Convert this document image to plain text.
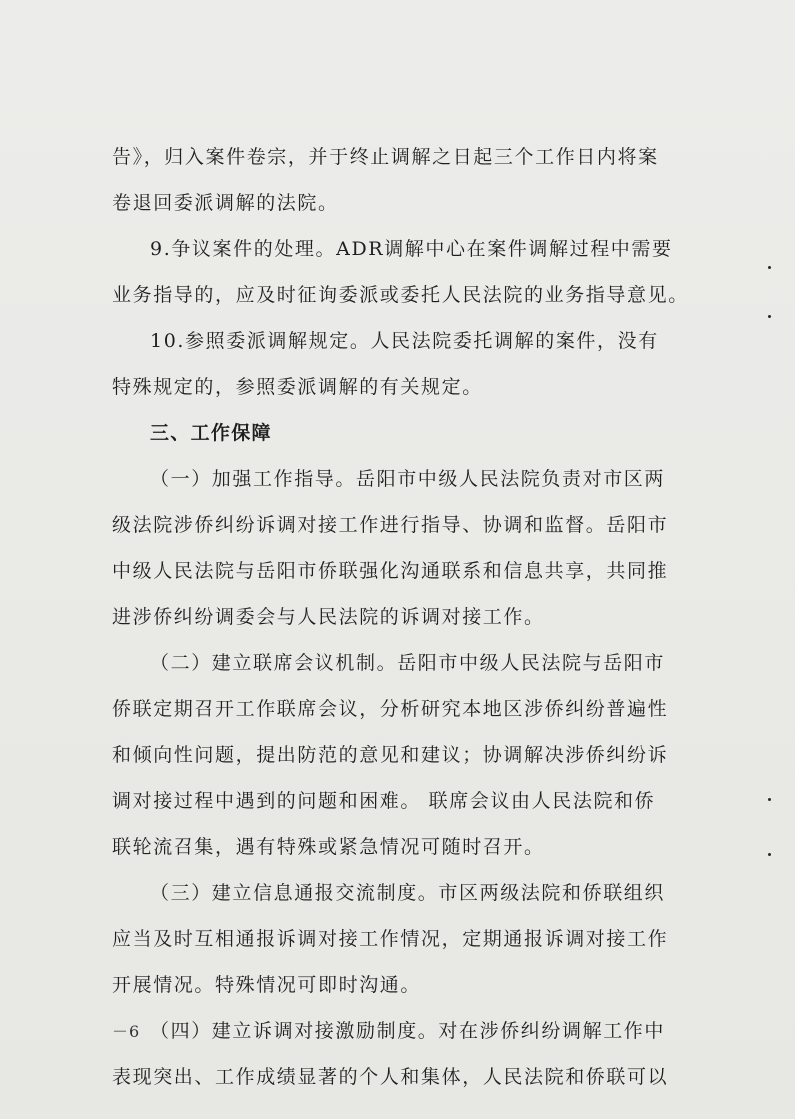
告》，归入案件卷宗，并于终止调解之日起三个工作日内将案
卷退回委派调解的法院。
9.争议案件的处理。ADR调解中心在案件调解过程中需要
业务指导的，应及时征询委派或委托人民法院的业务指导意见。
10.参照委派调解规定。人民法院委托调解的案件，没有
特殊规定的，参照委派调解的有关规定。
三、工作保障
（一）加强工作指导。岳阳市中级人民法院负责对市区两
级法院涉侨纠纷诉调对接工作进行指导、协调和监督。岳阳市
中级人民法院与岳阳市侨联强化沟通联系和信息共享，共同推
进涉侨纠纷调委会与人民法院的诉调对接工作。
（二）建立联席会议机制。岳阳市中级人民法院与岳阳市
侨联定期召开工作联席会议，分析研究本地区涉侨纠纷普遍性
和倾向性问题，提出防范的意见和建议；协调解决涉侨纠纷诉
调对接过程中遇到的问题和困难。 联席会议由人民法院和侨
联轮流召集，遇有特殊或紧急情况可随时召开。
（三）建立信息通报交流制度。市区两级法院和侨联组织
应当及时互相通报诉调对接工作情况，定期通报诉调对接工作
开展情况。特殊情况可即时沟通。
（四）建立诉调对接激励制度。对在涉侨纠纷调解工作中
表现突出、工作成绩显著的个人和集体，人民法院和侨联可以
－6
